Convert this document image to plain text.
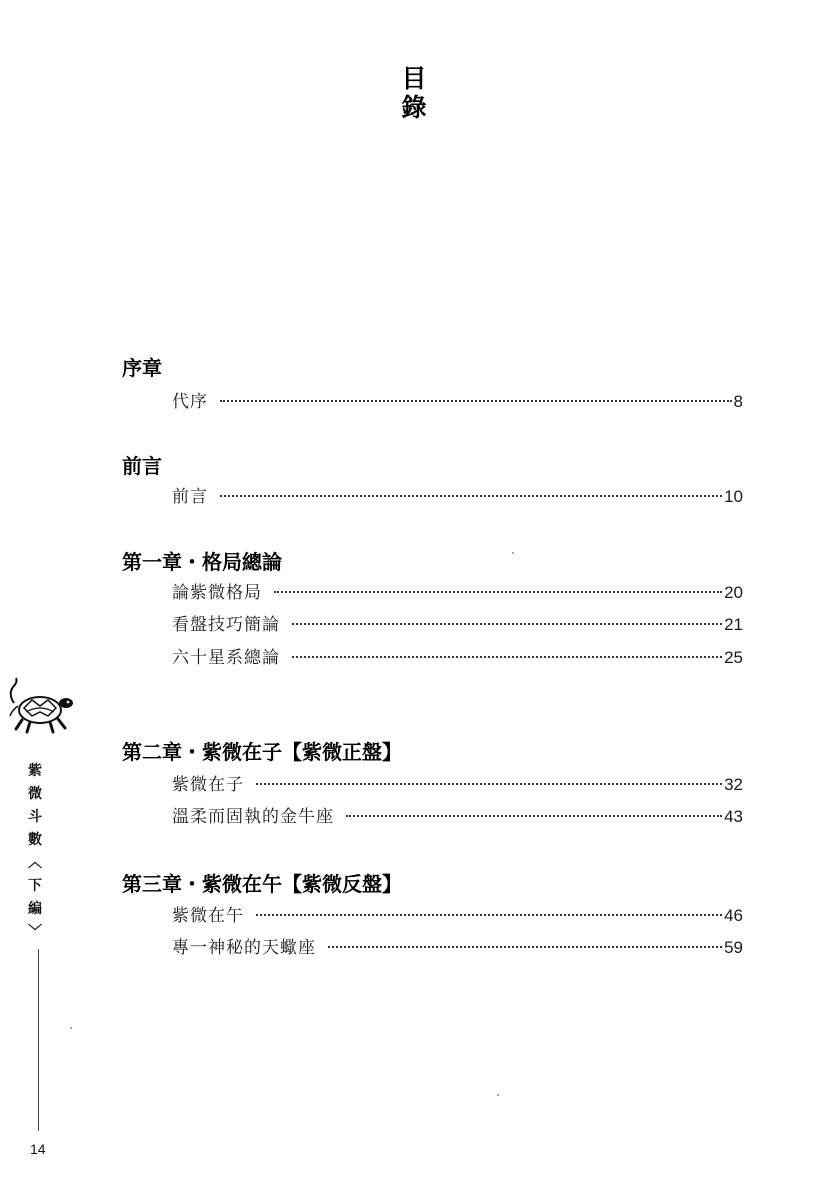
目
錄
序章
代序	8
前言
前言	10
第一章・格局總論
論紫微格局	20
看盤技巧簡論	21
六十星系總論	25
第二章・紫微在子【紫微正盤】
紫微在子	32
溫柔而固執的金牛座	43
第三章・紫微在午【紫微反盤】
紫微在午	46
專一神秘的天蠍座	59
紫
微
斗
數
︿
下
編
﹀
14
